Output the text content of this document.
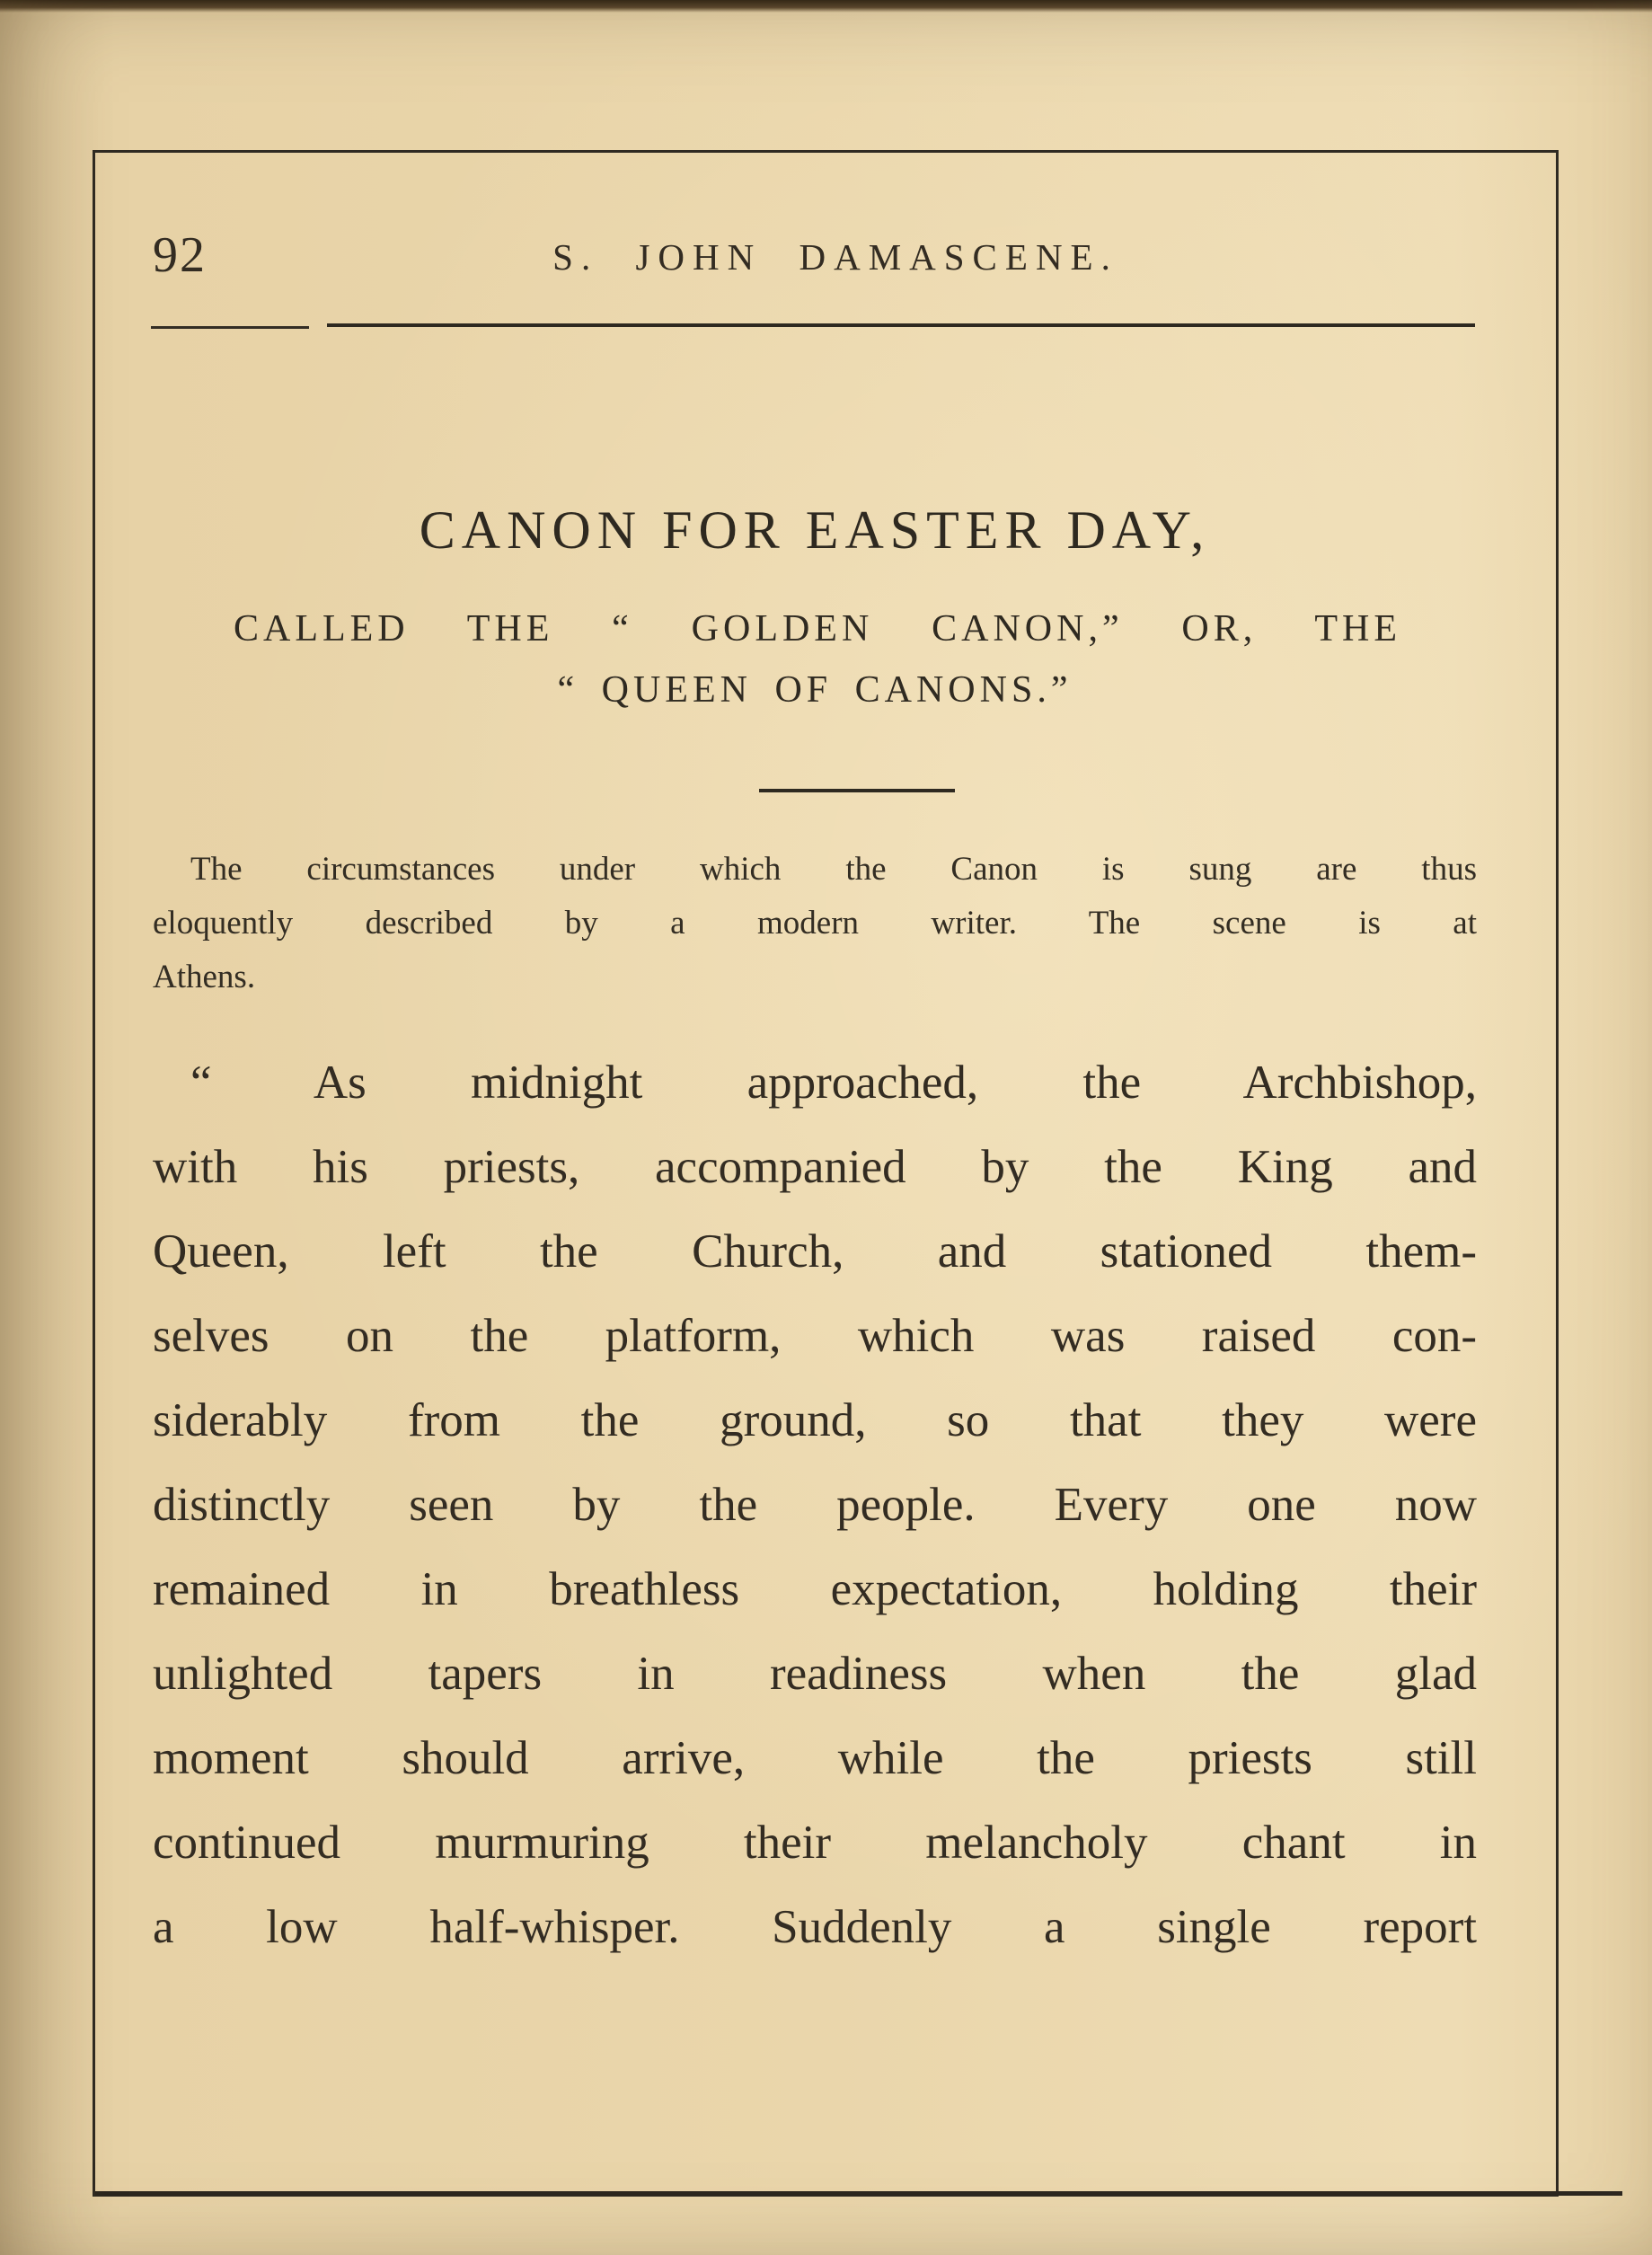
92	S. JOHN DAMASCENE.
CANON FOR EASTER DAY,
CALLED THE “ GOLDEN CANON,” OR, THE
“ QUEEN OF CANONS.”
The circumstances under which the Canon is sung are thus
eloquently described by a modern writer. The scene is at
Athens.
“ As midnight approached, the Archbishop,
with his priests, accompanied by the King and
Queen, left the Church, and stationed them-
selves on the platform, which was raised con-
siderably from the ground, so that they were
distinctly seen by the people. Every one now
remained in breathless expectation, holding their
unlighted tapers in readiness when the glad
moment should arrive, while the priests still
continued murmuring their melancholy chant in
a low half-whisper. Suddenly a single report
